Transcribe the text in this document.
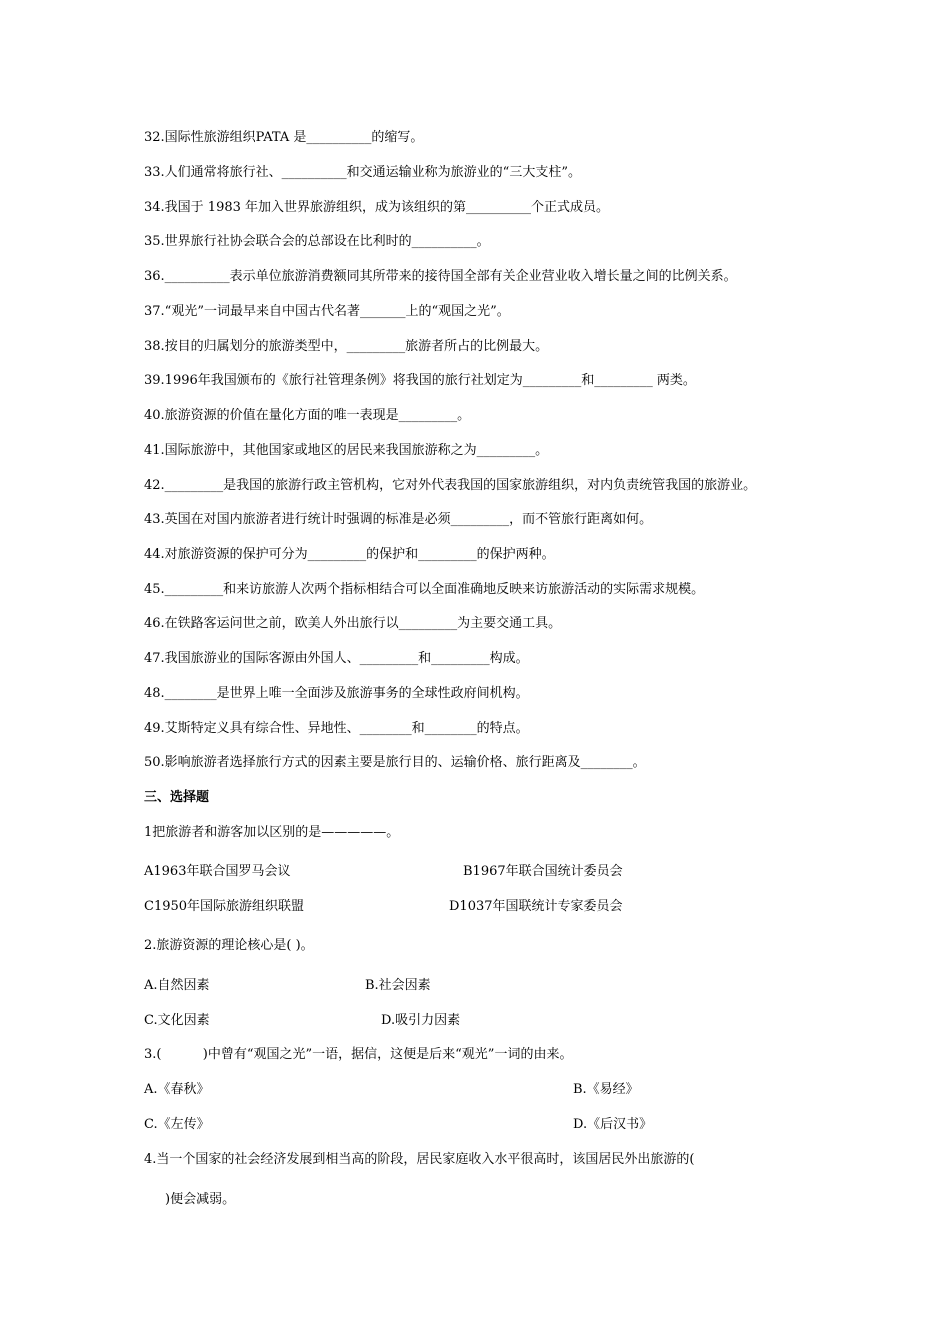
32.国际性旅游组织PATA 是__________的缩写。
33.人们通常将旅行社、__________和交通运输业称为旅游业的“三大支柱”。
34.我国于 1983 年加入世界旅游组织，成为该组织的第__________个正式成员。
35.世界旅行社协会联合会的总部设在比利时的__________。
36.__________表示单位旅游消费额同其所带来的接待国全部有关企业营业收入增长量之间的比例关系。
37.“观光”一词最早来自中国古代名著_______上的“观国之光”。
38.按目的归属划分的旅游类型中，_________旅游者所占的比例最大。
39.1996年我国颁布的《旅行社管理条例》将我国的旅行社划定为_________和_________ 两类。
40.旅游资源的价值在量化方面的唯一表现是_________。
41.国际旅游中，其他国家或地区的居民来我国旅游称之为_________。
42._________是我国的旅游行政主管机构，它对外代表我国的国家旅游组织，对内负责统管我国的旅游业。
43.英国在对国内旅游者进行统计时强调的标准是必须_________，而不管旅行距离如何。
44.对旅游资源的保护可分为_________的保护和_________的保护两种。
45._________和来访旅游人次两个指标相结合可以全面准确地反映来访旅游活动的实际需求规模。
46.在铁路客运问世之前，欧美人外出旅行以_________为主要交通工具。
47.我国旅游业的国际客源由外国人、_________和_________构成。
48.________是世界上唯一全面涉及旅游事务的全球性政府间机构。
49.艾斯特定义具有综合性、异地性、________和________的特点。
50.影响旅游者选择旅行方式的因素主要是旅行目的、运输价格、旅行距离及________。
三、选择题
1把旅游者和游客加以区别的是—————。
A1963年联合国罗马会议	B1967年联合国统计委员会
C1950年国际旅游组织联盟	D1037年国联统计专家委员会
2.旅游资源的理论核心是( )。
A.自然因素	B.社会因素
C.文化因素	D.吸引力因素
3.(          )中曾有“观国之光”一语，据信，这便是后来“观光”一词的由来。
A.《春秋》	B.《易经》
C.《左传》	D.《后汉书》
4.当一个国家的社会经济发展到相当高的阶段，居民家庭收入水平很高时，该国居民外出旅游的(
)便会减弱。
